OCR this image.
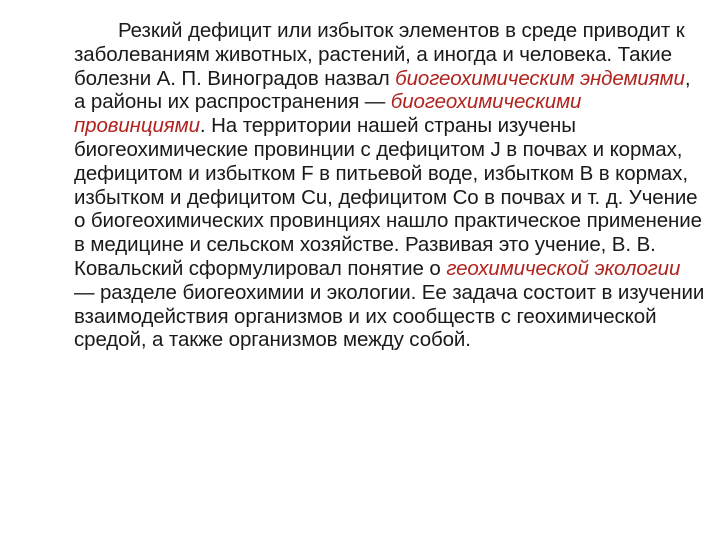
Резкий дефицит или избыток элементов в среде приводит к заболеваниям животных, растений, а иногда и человека. Такие болезни А. П. Виноградов назвал биогеохимическим эндемиями, а районы их распространения — биогеохимическими провинциями. На территории нашей страны изучены биогеохимические провинции с дефицитом J в почвах и кормах, дефицитом и избытком F в питьевой воде, избытком В в кормах, избытком и дефицитом Cu, дефицитом Co в почвах и т. д. Учение о биогеохимических провинциях нашло практическое применение в медицине и сельском хозяйстве. Развивая это учение, В. В. Ковальский сформулировал понятие о геохимической экологии — разделе биогеохимии и экологии. Ее задача состоит в изучении взаимодействия организмов и их сообществ с геохимической средой, а также организмов между собой.
